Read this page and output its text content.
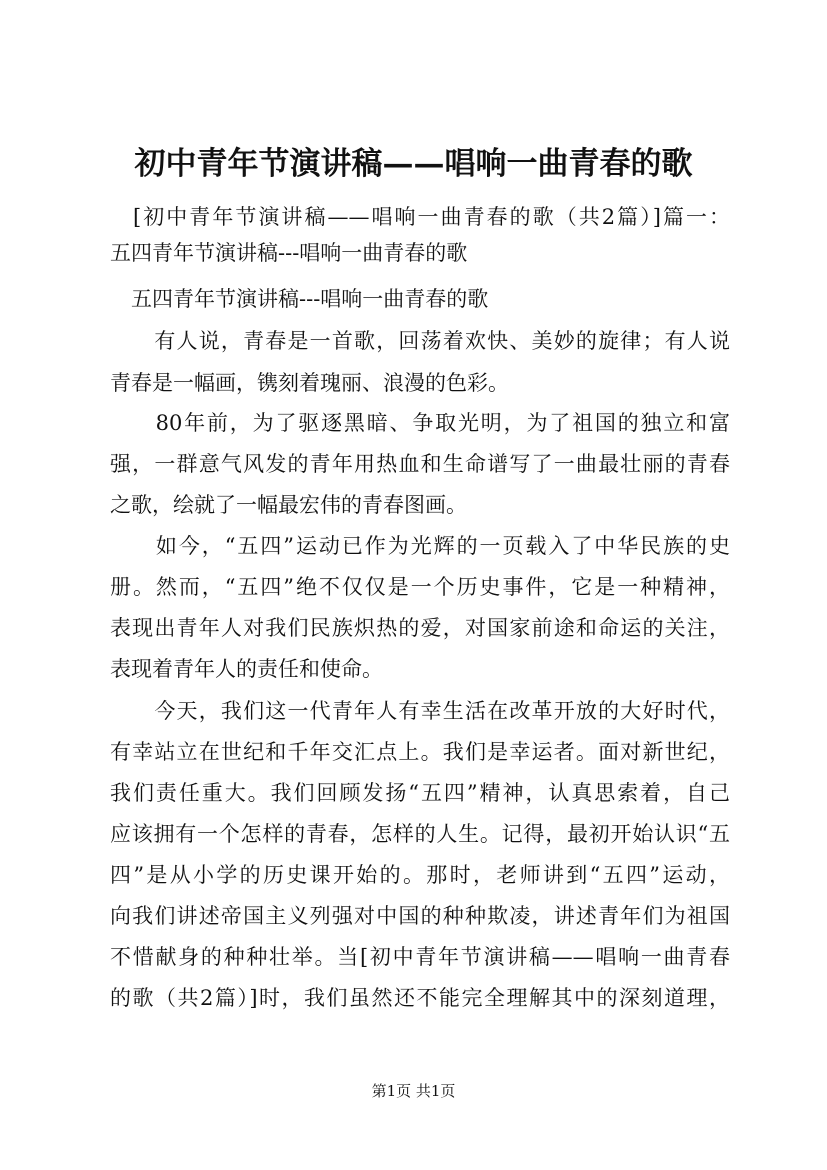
初中青年节演讲稿——唱响一曲青春的歌
　[初中青年节演讲稿——唱响一曲青春的歌（共2篇）]篇一：
五四青年节演讲稿---唱响一曲青春的歌
　五四青年节演讲稿---唱响一曲青春的歌
　　有人说，青春是一首歌，回荡着欢快、美妙的旋律；有人说
青春是一幅画，镌刻着瑰丽、浪漫的色彩。
　　80年前，为了驱逐黑暗、争取光明，为了祖国的独立和富
强，一群意气风发的青年用热血和生命谱写了一曲最壮丽的青春
之歌，绘就了一幅最宏伟的青春图画。
　　如今，“五四”运动已作为光辉的一页载入了中华民族的史
册。然而，“五四”绝不仅仅是一个历史事件，它是一种精神，
表现出青年人对我们民族炽热的爱，对国家前途和命运的关注，
表现着青年人的责任和使命。
　　今天，我们这一代青年人有幸生活在改革开放的大好时代，
有幸站立在世纪和千年交汇点上。我们是幸运者。面对新世纪，
我们责任重大。我们回顾发扬“五四”精神，认真思索着，自己
应该拥有一个怎样的青春，怎样的人生。记得，最初开始认识“五
四”是从小学的历史课开始的。那时，老师讲到“五四”运动，
向我们讲述帝国主义列强对中国的种种欺凌，讲述青年们为祖国
不惜献身的种种壮举。当[初中青年节演讲稿——唱响一曲青春
的歌（共2篇）]时，我们虽然还不能完全理解其中的深刻道理，
第1页 共1页
